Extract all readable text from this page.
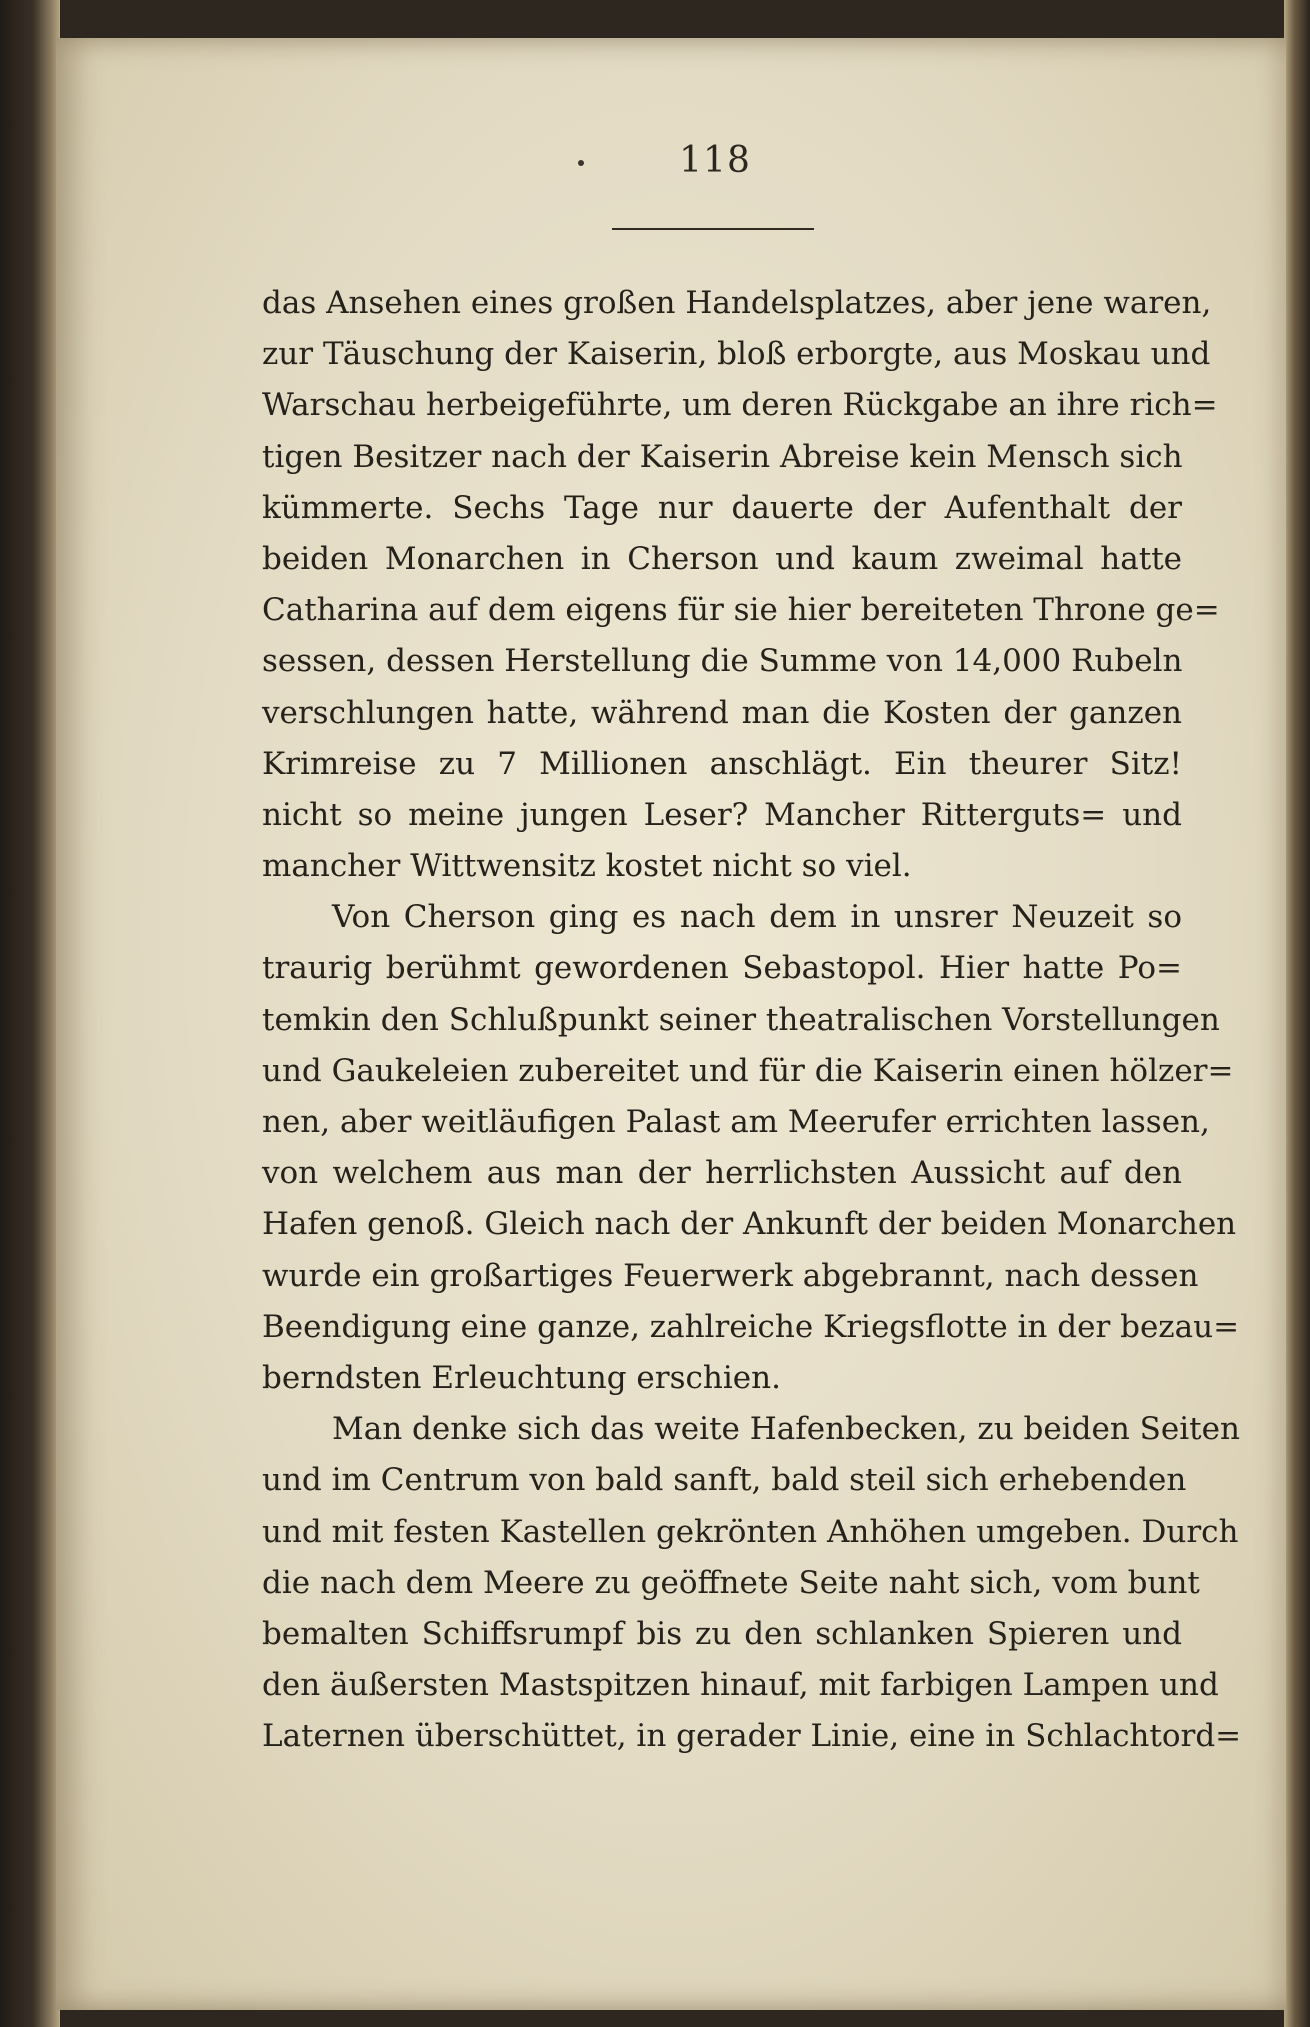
118
das Ansehen eines großen Handelsplatzes, aber jene waren,
zur Täuschung der Kaiserin, bloß erborgte, aus Moskau und
Warschau herbeigeführte, um deren Rückgabe an ihre rich=
tigen Besitzer nach der Kaiserin Abreise kein Mensch sich
kümmerte. Sechs Tage nur dauerte der Aufenthalt der
beiden Monarchen in Cherson und kaum zweimal hatte
Catharina auf dem eigens für sie hier bereiteten Throne ge=
sessen, dessen Herstellung die Summe von 14,000 Rubeln
verschlungen hatte, während man die Kosten der ganzen
Krimreise zu 7 Millionen anschlägt. Ein theurer Sitz!
nicht so meine jungen Leser? Mancher Ritterguts= und
mancher Wittwensitz kostet nicht so viel.
Von Cherson ging es nach dem in unsrer Neuzeit so
traurig berühmt gewordenen Sebastopol. Hier hatte Po=
temkin den Schlußpunkt seiner theatralischen Vorstellungen
und Gaukeleien zubereitet und für die Kaiserin einen hölzer=
nen, aber weitläufigen Palast am Meerufer errichten lassen,
von welchem aus man der herrlichsten Aussicht auf den
Hafen genoß. Gleich nach der Ankunft der beiden Monarchen
wurde ein großartiges Feuerwerk abgebrannt, nach dessen
Beendigung eine ganze, zahlreiche Kriegsflotte in der bezau=
berndsten Erleuchtung erschien.
Man denke sich das weite Hafenbecken, zu beiden Seiten
und im Centrum von bald sanft, bald steil sich erhebenden
und mit festen Kastellen gekrönten Anhöhen umgeben. Durch
die nach dem Meere zu geöffnete Seite naht sich, vom bunt
bemalten Schiffsrumpf bis zu den schlanken Spieren und
den äußersten Mastspitzen hinauf, mit farbigen Lampen und
Laternen überschüttet, in gerader Linie, eine in Schlachtord=
